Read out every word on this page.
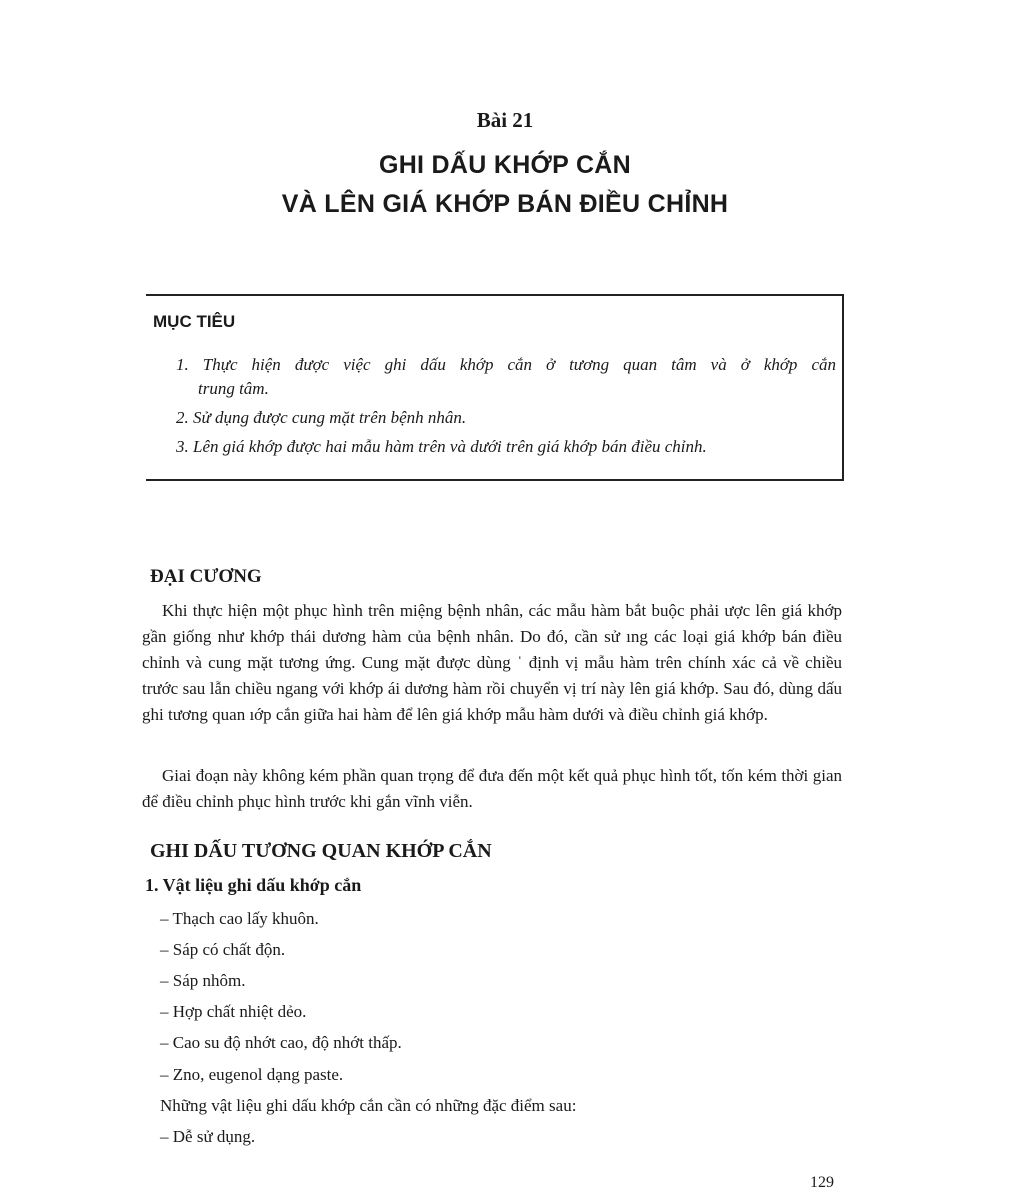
Bài 21
GHI DẤU KHỚP CẮN
VÀ LÊN GIÁ KHỚP BÁN ĐIỀU CHỈNH
MỤC TIÊU
1. Thực hiện được việc ghi dấu khớp cắn ở tương quan tâm và ở khớp cắn
trung tâm.
2. Sử dụng được cung mặt trên bệnh nhân.
3. Lên giá khớp được hai mẫu hàm trên và dưới trên giá khớp bán điều chỉnh.
ĐẠI CƯƠNG
Khi thực hiện một phục hình trên miệng bệnh nhân, các mẫu hàm bắt buộc phải ược lên giá khớp gần giống như khớp thái dương hàm của bệnh nhân. Do đó, cần sử ıng các loại giá khớp bán điều chỉnh và cung mặt tương ứng. Cung mặt được dùng ˈ định vị mẫu hàm trên chính xác cả về chiều trước sau lẫn chiều ngang với khớp ái dương hàm rồi chuyển vị trí này lên giá khớp. Sau đó, dùng dấu ghi tương quan ıớp cắn giữa hai hàm để lên giá khớp mẫu hàm dưới và điều chỉnh giá khớp.
Giai đoạn này không kém phần quan trọng để đưa đến một kết quả phục hình tốt, tốn kém thời gian để điều chỉnh phục hình trước khi gắn vĩnh viễn.
GHI DẤU TƯƠNG QUAN KHỚP CẮN
1. Vật liệu ghi dấu khớp cắn
– Thạch cao lấy khuôn.
– Sáp có chất độn.
– Sáp nhôm.
– Hợp chất nhiệt dẻo.
– Cao su độ nhớt cao, độ nhớt thấp.
– Zno, eugenol dạng paste.
Những vật liệu ghi dấu khớp cắn cần có những đặc điểm sau:
– Dễ sử dụng.
129
